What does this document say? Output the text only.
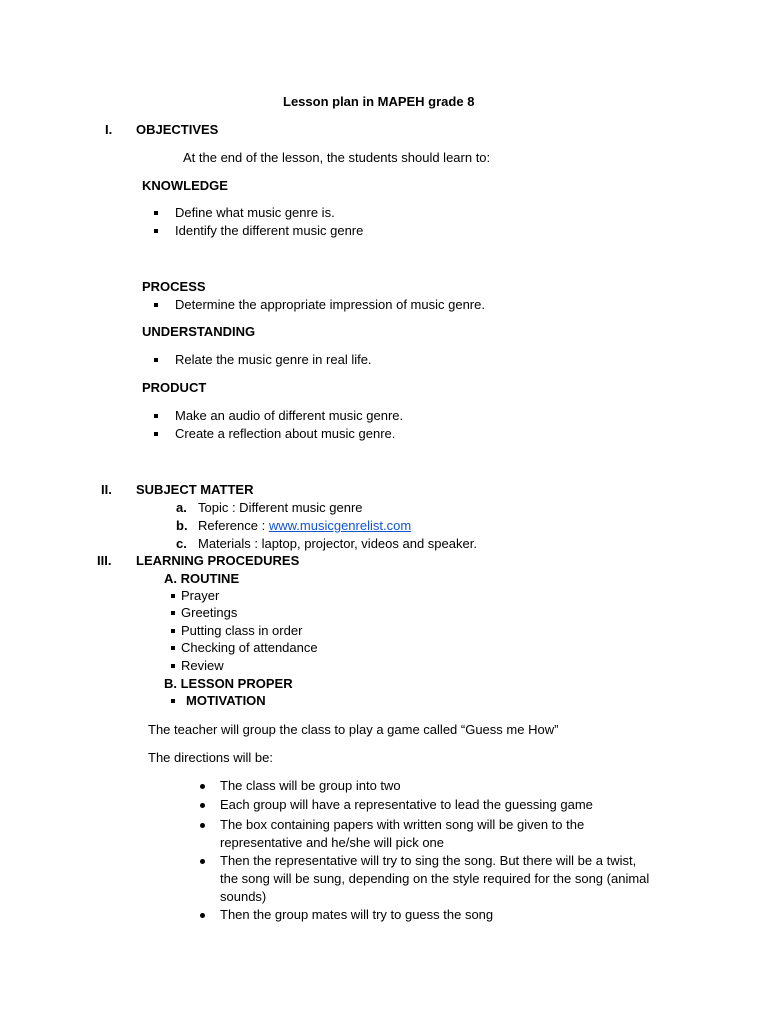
Lesson plan in MAPEH grade 8
I. OBJECTIVES
At the end of the lesson, the students should learn to:
KNOWLEDGE
Define what music genre is.
Identify the different music genre
PROCESS
Determine the appropriate impression of music genre.
UNDERSTANDING
Relate the music genre in real life.
PRODUCT
Make an audio of different music genre.
Create a reflection about music genre.
II. SUBJECT MATTER
a. Topic : Different music genre
b. Reference : www.musicgenrelist.com
c. Materials : laptop, projector, videos and speaker.
III. LEARNING PROCEDURES
A. ROUTINE
Prayer
Greetings
Putting class in order
Checking of attendance
Review
B. LESSON PROPER
MOTIVATION
The teacher will group the class to play a game called “Guess me How”
The directions will be:
The class will be group into two
Each group will have a representative to lead the guessing game
The box containing papers with written song will be given to the
representative and he/she will pick one
Then the representative will try to sing the song. But there will be a twist,
the song will be sung, depending on the style required for the song (animal
sounds)
Then the group mates will try to guess the song
